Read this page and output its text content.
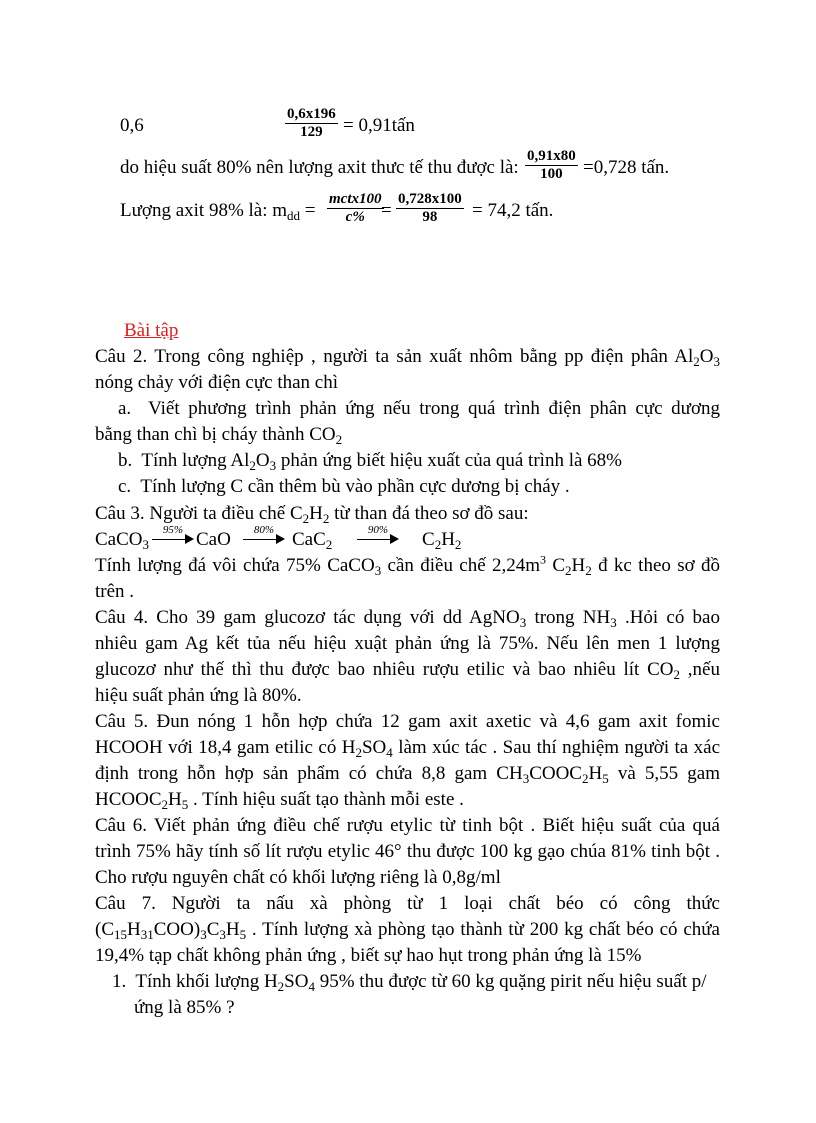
0,6	$\frac{0,6x196}{129}$ = 0,91tấn
do hiệu suất 80% nên lượng axit thưc tế thu được là: $\frac{0,91x80}{100} =0,728$ tấn.
Lượng axit 98% là: $m_{dd}$ =
mctx100
$c\% = \frac{0,728x100}{98} = 74,2$ tấn.
Bài tập
Câu 2. Trong công nghiệp , người ta sản xuất nhôm bằng pp điện phân $Al_2O_3$
nóng chảy với điện cực than chì
a.  Viết phương trình phản ứng nếu trong quá trình điện phân cực dương
bằng than chì bị cháy thành $CO_2$
b.  Tính lượng $Al_2O_3$ phản ứng biết hiệu xuất của quá trình là 68%
c.  Tính lượng C cần thêm bù vào phần cực dương bị cháy .
Câu 3. Người ta điều chế $C_2H_2$ từ than đá theo sơ đồ sau:
CaCO$_3$
95% CaO	80% CaC$_2$
90%	$C_2H_2$
Tính lượng đá vôi chứa 75% CaCO$_3$ cần điều chế $2,24m^3$ $C_2H_2$ đ kc theo sơ đồ
trên .
Câu 4. Cho 39 gam glucozơ tác dụng với dd AgNO$_3$ trong $NH_3$ .Hỏi có bao
nhiêu gam Ag kết tủa nếu hiệu xuật phản ứng là 75%. Nếu lên men 1 lượng
glucozơ như thế thì thu được bao nhiêu rượu etilic và bao nhiêu lít $CO_2$ ,nếu
hiệu suất phản ứng là 80%.
Câu 5. Đun nóng 1 hỗn hợp chứa 12 gam axit axetic và 4,6 gam axit fomic
HCOOH với 18,4 gam etilic có $H_2SO_4$ làm xúc tác . Sau thí nghiệm người ta xác
định trong hỗn hợp sản phẩm có chứa 8,8 gam $CH_3COOC_2H_5$ và 5,55 gam
$HCOOC_2H_5$ . Tính hiệu suất tạo thành mỗi este .
Câu 6. Viết phản ứng điều chế rượu etylic từ tinh bột . Biết hiệu suất của quá
trình 75% hãy tính số lít rượu etylic 46° thu được 100 kg gạo chúa 81% tinh bột .
Cho rượu nguyên chất có khối lượng riêng là 0,8g/ml
Câu 7. Người ta nấu xà phòng từ 1 loại chất béo có công thức
$(C_{15}H_{31}COO)_3C_3H_5$ . Tính lượng xà phòng tạo thành từ 200 kg chất béo có chứa
19,4% tạp chất không phản ứng , biết sự hao hụt trong phản ứng là 15%
1.  Tính khối lượng $H_2SO_4$ 95% thu được từ 60 kg quặng pirit nếu hiệu suất p/
ứng là 85% ?
